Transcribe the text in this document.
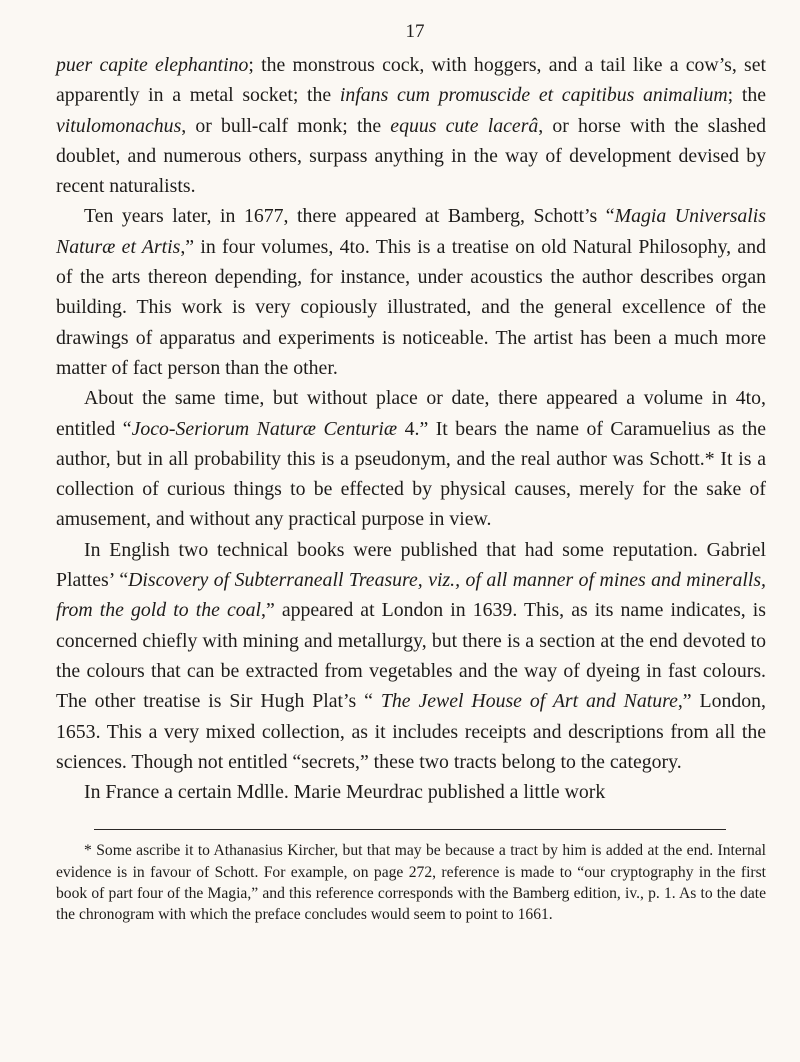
17

puer capite elephantino; the monstrous cock, with hoggers, and a tail like a cow’s, set apparently in a metal socket; the infans cum promuscide et capitibus animalium; the vitulomonachus, or bull-calf monk; the equus cute lacerâ, or horse with the slashed doublet, and numerous others, surpass anything in the way of development devised by recent naturalists.

Ten years later, in 1677, there appeared at Bamberg, Schott’s “Magia Universalis Naturæ et Artis,” in four volumes, 4to. This is a treatise on old Natural Philosophy, and of the arts thereon depending, for instance, under acoustics the author describes organ building. This work is very copiously illustrated, and the general excellence of the drawings of apparatus and experiments is noticeable. The artist has been a much more matter of fact person than the other.

About the same time, but without place or date, there appeared a volume in 4to, entitled “Joco-Seriorum Naturæ Centuriæ 4.” It bears the name of Caramuelius as the author, but in all probability this is a pseudonym, and the real author was Schott.* It is a collection of curious things to be effected by physical causes, merely for the sake of amusement, and without any practical purpose in view.

In English two technical books were published that had some reputation. Gabriel Plattes’ “Discovery of Subterraneall Treasure, viz., of all manner of mines and mineralls, from the gold to the coal,” appeared at London in 1639. This, as its name indicates, is concerned chiefly with mining and metallurgy, but there is a section at the end devoted to the colours that can be extracted from vegetables and the way of dyeing in fast colours. The other treatise is Sir Hugh Plat’s “ The Jewel House of Art and Nature,” London, 1653. This a very mixed collection, as it includes receipts and descriptions from all the sciences. Though not entitled “secrets,” these two tracts belong to the category.

In France a certain Mdlle. Marie Meurdrac published a little work

* Some ascribe it to Athanasius Kircher, but that may be because a tract by him is added at the end. Internal evidence is in favour of Schott. For example, on page 272, reference is made to “our cryptography in the first book of part four of the Magia,” and this reference corresponds with the Bamberg edition, iv., p. 1. As to the date the chronogram with which the preface concludes would seem to point to 1661.
